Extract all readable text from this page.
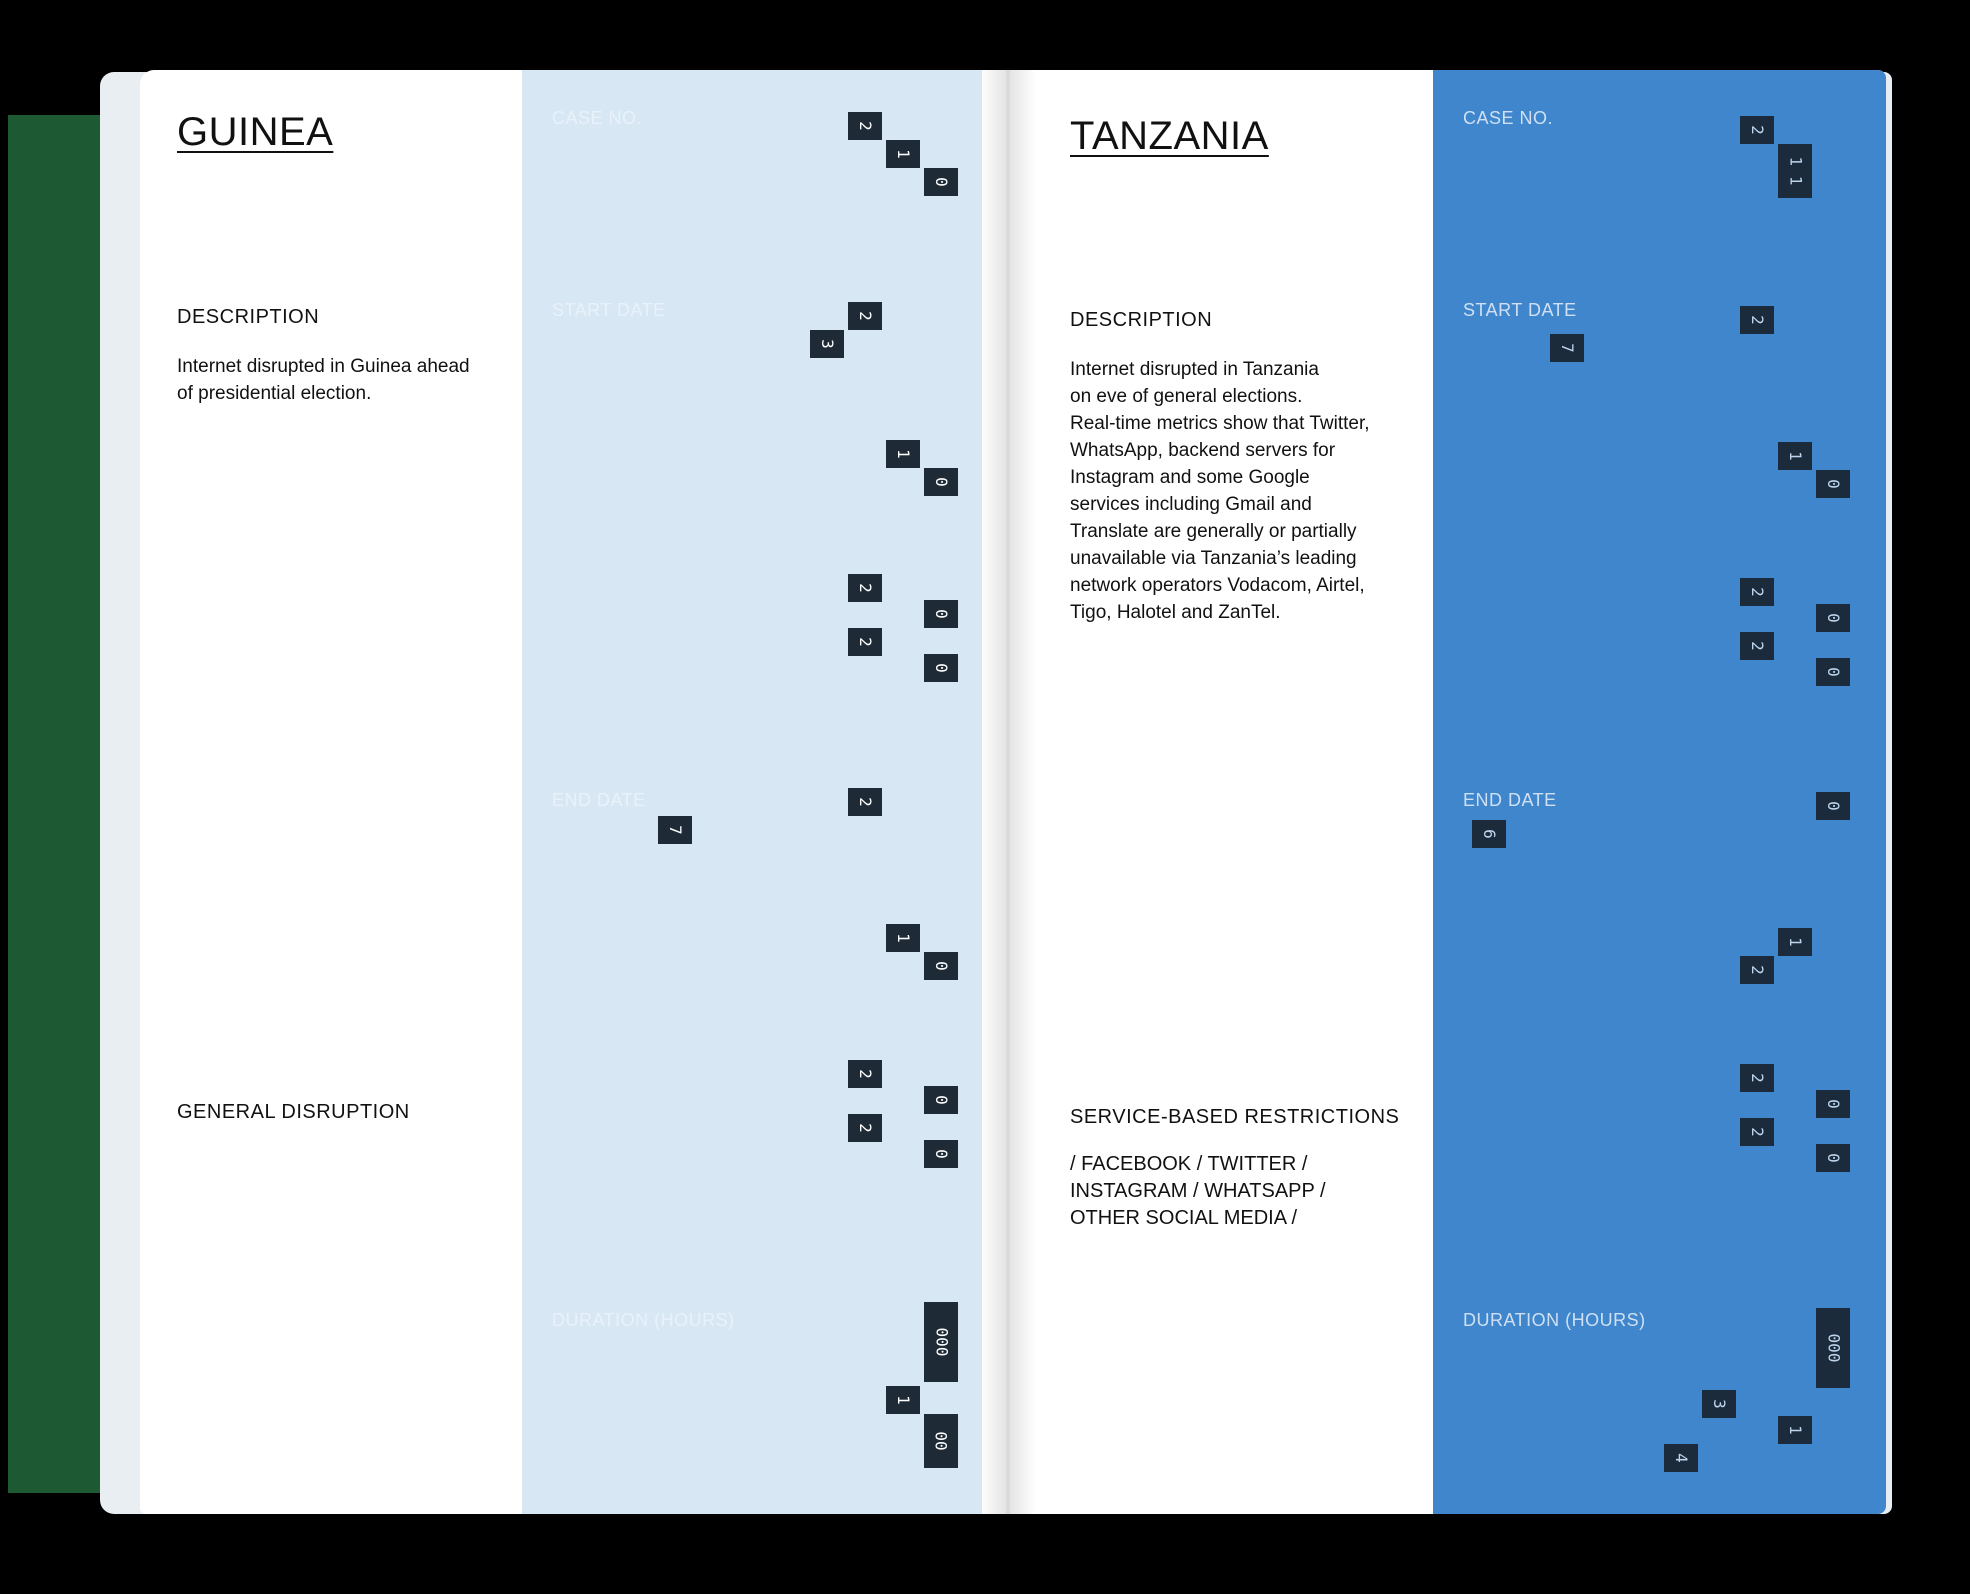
GUINEA
DESCRIPTION
Internet disrupted in Guinea ahead
of presidential election.
GENERAL DISRUPTION
CASE NO.
START DATE
END DATE
DURATION (HOURS)
2
1
0
2
3
1
0
2
2
0
0
2
7
1
0
2
2
0
0
000
1
00
TANZANIA
DESCRIPTION
Internet disrupted in Tanzania
on eve of general elections.
Real-time metrics show that Twitter,
WhatsApp, backend servers for
Instagram and some Google
services including Gmail and
Translate are generally or partially
unavailable via Tanzania’s leading
network operators Vodacom, Airtel,
Tigo, Halotel and ZanTel.
SERVICE-BASED RESTRICTIONS
/ FACEBOOK / TWITTER /
INSTAGRAM / WHATSAPP /
OTHER SOCIAL MEDIA /
CASE NO.
START DATE
END DATE
DURATION (HOURS)
2
1 1
2
7
1
0
2
2
0
0
0
6
1
2
2
2
0
0
000
3
1
4
